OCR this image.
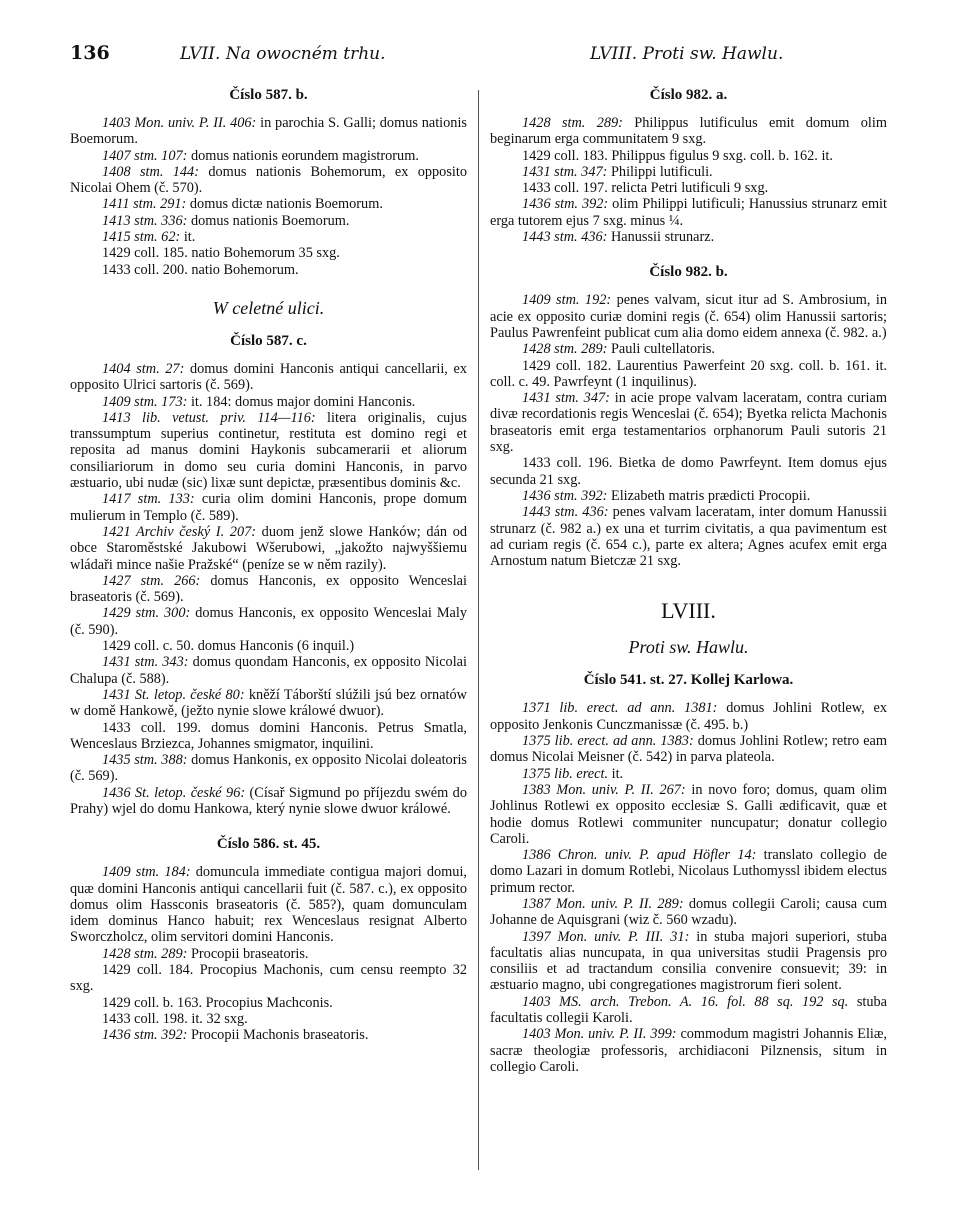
136	LVII. Na owocném trhu.	LVIII. Proti sw. Hawlu.
Číslo 587. b.

1403 Mon. univ. P. II. 406: in parochia S. Galli; domus nationis Boemorum.

1407 stm. 107: domus nationis eorundem magistrorum.

1408 stm. 144: domus nationis Bohemorum, ex opposito Nicolai Ohem (č. 570).

1411 stm. 291: domus dictæ nationis Boemorum.

1413 stm. 336: domus nationis Boemorum.

1415 stm. 62: it.

1429 coll. 185. natio Bohemorum 35 sxg.

1433 coll. 200. natio Bohemorum.

W celetné ulici.
Číslo 587. c.

1404 stm. 27: domus domini Hanconis antiqui cancellarii, ex opposito Ulrici sartoris (č. 569).

1409 stm. 173: it. 184: domus major domini Hanconis.

1413 lib. vetust. priv. 114—116: litera originalis, cujus transsumptum superius continetur, restituta est domino regi et reposita ad manus domini Haykonis subcamerarii et aliorum consiliariorum in domo seu curia domini Hanconis, in parvo æstuario, ubi nudæ (sic) lixæ sunt depictæ, præsentibus dominis &c.

1417 stm. 133: curia olim domini Hanconis, prope domum mulierum in Templo (č. 589).

1421 Archiv český I. 207: duom jenž slowe Hanków; dán od obce Staroměstské Jakubowi Wšerubowi, „jakožto najwyššiemu wládaři mince našie Pražské“ (peníze se w něm razily).

1427 stm. 266: domus Hanconis, ex opposito Wenceslai braseatoris (č. 569).

1429 stm. 300: domus Hanconis, ex opposito Wenceslai Maly (č. 590).

1429 coll. c. 50. domus Hanconis (6 inquil.)

1431 stm. 343: domus quondam Hanconis, ex opposito Nicolai Chalupa (č. 588).

1431 St. letop. české 80: kněží Táborští slúžili jsú bez ornatów w domě Hankowě, (ježto nynie slowe králowé dwuor).

1433 coll. 199. domus domini Hanconis. Petrus Smatla, Wenceslaus Brziezca, Johannes smigmator, inquilini.

1435 stm. 388: domus Hankonis, ex opposito Nicolai doleatoris (č. 569).

1436 St. letop. české 96: (Císař Sigmund po příjezdu swém do Prahy) wjel do domu Hankowa, který nynie slowe dwuor králowé.

Číslo 586. st. 45.

1409 stm. 184: domuncula immediate contigua majori domui, quæ domini Hanconis antiqui cancellarii fuit (č. 587. c.), ex opposito domus olim Hassconis braseatoris (č. 585?), quam domunculam idem dominus Hanco habuit; rex Wenceslaus resignat Alberto Sworczholcz, olim servitori domini Hanconis.

1428 stm. 289: Procopii braseatoris.

1429 coll. 184. Procopius Machonis, cum censu reempto 32 sxg.

1429 coll. b. 163. Procopius Machconis.

1433 coll. 198. it. 32 sxg.

1436 stm. 392: Procopii Machonis braseatoris.

Číslo 982. a.

1428 stm. 289: Philippus lutificulus emit domum olim beginarum erga communitatem 9 sxg.

1429 coll. 183. Philippus figulus 9 sxg. coll. b. 162. it.

1431 stm. 347: Philippi lutificuli.

1433 coll. 197. relicta Petri lutificuli 9 sxg.

1436 stm. 392: olim Philippi lutificuli; Hanussius strunarz emit erga tutorem ejus 7 sxg. minus ¼.

1443 stm. 436: Hanussii strunarz.

Číslo 982. b.

1409 stm. 192: penes valvam, sicut itur ad S. Ambrosium, in acie ex opposito curiæ domini regis (č. 654) olim Hanussii sartoris; Paulus Pawrenfeint publicat cum alia domo eidem annexa (č. 982. a.)

1428 stm. 289: Pauli cultellatoris.

1429 coll. 182. Laurentius Pawerfeint 20 sxg. coll. b. 161. it. coll. c. 49. Pawrfeynt (1 inquilinus).

1431 stm. 347: in acie prope valvam laceratam, contra curiam divæ recordationis regis Wenceslai (č. 654); Byetka relicta Machonis braseatoris emit erga testamentarios orphanorum Pauli sutoris 21 sxg.

1433 coll. 196. Bietka de domo Pawrfeynt. Item domus ejus secunda 21 sxg.

1436 stm. 392: Elizabeth matris prædicti Procopii.

1443 stm. 436: penes valvam laceratam, inter domum Hanussii strunarz (č. 982 a.) ex una et turrim civitatis, a qua pavimentum est ad curiam regis (č. 654 c.), parte ex altera; Agnes acufex emit erga Arnostum natum Bietczæ 21 sxg.

LVIII.
Proti sw. Hawlu.
Číslo 541. st. 27. Kollej Karlowa.

1371 lib. erect. ad ann. 1381: domus Johlini Rotlew, ex opposito Jenkonis Cunczmanissæ (č. 495. b.)

1375 lib. erect. ad ann. 1383: domus Johlini Rotlew; retro eam domus Nicolai Meisner (č. 542) in parva plateola.

1375 lib. erect. it.

1383 Mon. univ. P. II. 267: in novo foro; domus, quam olim Johlinus Rotlewi ex opposito ecclesiæ S. Galli ædificavit, quæ et hodie domus Rotlewi communiter nuncupatur; donatur collegio Caroli.

1386 Chron. univ. P. apud Höfler 14: translato collegio de domo Lazari in domum Rotlebi, Nicolaus Luthomyssl ibidem electus primum rector.

1387 Mon. univ. P. II. 289: domus collegii Caroli; causa cum Johanne de Aquisgrani (wiz č. 560 wzadu).

1397 Mon. univ. P. III. 31: in stuba majori superiori, stuba facultatis alias nuncupata, in qua universitas studii Pragensis pro consiliis et ad tractandum consilia convenire consuevit; 39: in æstuario magno, ubi congregationes magistrorum fieri solent.

1403 MS. arch. Trebon. A. 16. fol. 88 sq. 192 sq. stuba facultatis collegii Karoli.

1403 Mon. univ. P. II. 399: commodum magistri Johannis Eliæ, sacræ theologiæ professoris, archidiaconi Pilznensis, situm in collegio Caroli.
